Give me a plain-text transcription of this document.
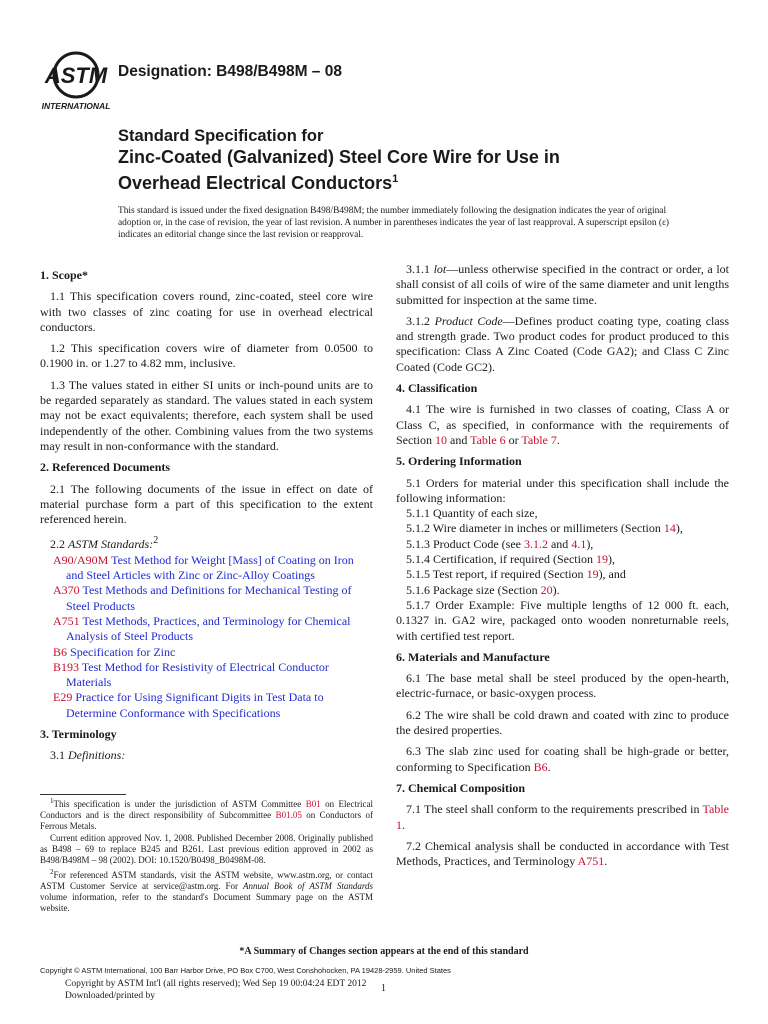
ASTM
INTERNATIONAL
Designation: B498/B498M – 08
Standard Specification for
Zinc-Coated (Galvanized) Steel Core Wire for Use in
Overhead Electrical Conductors$^1$
This standard is issued under the fixed designation B498/B498M; the number immediately following the designation indicates the year of original adoption or, in the case of revision, the year of last revision. A number in parentheses indicates the year of last reapproval. A superscript epsilon (ε) indicates an editorial change since the last revision or reapproval.

1. Scope*

1.1 This specification covers round, zinc-coated, steel core wire with two classes of zinc coating for use in overhead electrical conductors.

1.2 This specification covers wire of diameter from 0.0500 to 0.1900 in. or 1.27 to 4.82 mm, inclusive.

1.3 The values stated in either SI units or inch-pound units are to be regarded separately as standard. The values stated in each system may not be exact equivalents; therefore, each system shall be used independently of the other. Combining values from the two systems may result in non-conformance with the standard.

2. Referenced Documents

2.1 The following documents of the issue in effect on date of material purchase form a part of this specification to the extent referenced herein.

2.2 ASTM Standards:$^2$

A90/A90M Test Method for Weight [Mass] of Coating on Iron and Steel Articles with Zinc or Zinc-Alloy Coatings
A370 Test Methods and Definitions for Mechanical Testing of Steel Products
A751 Test Methods, Practices, and Terminology for Chemical Analysis of Steel Products
B6 Specification for Zinc
B193 Test Method for Resistivity of Electrical Conductor Materials
E29 Practice for Using Significant Digits in Test Data to Determine Conformance with Specifications

3. Terminology

3.1 Definitions:

$^1$This specification is under the jurisdiction of ASTM Committee B01 on Electrical Conductors and is the direct responsibility of Subcommittee B01.05 on Conductors of Ferrous Metals.

Current edition approved Nov. 1, 2008. Published December 2008. Originally published as B498 – 69 to replace B245 and B261. Last previous edition approved in 2002 as B498/B498M – 98 (2002). DOI: 10.1520/B0498_B0498M-08.

$^2$For referenced ASTM standards, visit the ASTM website, www.astm.org, or contact ASTM Customer Service at service@astm.org. For Annual Book of ASTM Standards volume information, refer to the standard's Document Summary page on the ASTM website.

3.1.1 lot—unless otherwise specified in the contract or order, a lot shall consist of all coils of wire of the same diameter and unit lengths submitted for inspection at the same time.

3.1.2 Product Code—Defines product coating type, coating class and strength grade. Two product codes for product produced to this specification: Class A Zinc Coated (Code GA2); and Class C Zinc Coated (Code GC2).

4. Classification

4.1 The wire is furnished in two classes of coating, Class A or Class C, as specified, in conformance with the requirements of Section 10 and Table 6 or Table 7.

5. Ordering Information

5.1 Orders for material under this specification shall include the following information:

5.1.1 Quantity of each size,

5.1.2 Wire diameter in inches or millimeters (Section 14),

5.1.3 Product Code (see 3.1.2 and 4.1),

5.1.4 Certification, if required (Section 19),

5.1.5 Test report, if required (Section 19), and

5.1.6 Package size (Section 20).

5.1.7 Order Example: Five multiple lengths of 12 000 ft. each, 0.1327 in. GA2 wire, packaged onto wooden nonreturnable reels, with certified test report.

6. Materials and Manufacture

6.1 The base metal shall be steel produced by the open-hearth, electric-furnace, or basic-oxygen process.

6.2 The wire shall be cold drawn and coated with zinc to produce the desired properties.

6.3 The slab zinc used for coating shall be high-grade or better, conforming to Specification B6.

7. Chemical Composition

7.1 The steel shall conform to the requirements prescribed in Table 1.

7.2 Chemical analysis shall be conducted in accordance with Test Methods, Practices, and Terminology A751.

*A Summary of Changes section appears at the end of this standard
Copyright © ASTM International, 100 Barr Harbor Drive, PO Box C700, West Conshohocken, PA 19428-2959. United States
Copyright by ASTM Int'l (all rights reserved); Wed Sep 19 00:04:24 EDT 2012
Downloaded/printed by
1
